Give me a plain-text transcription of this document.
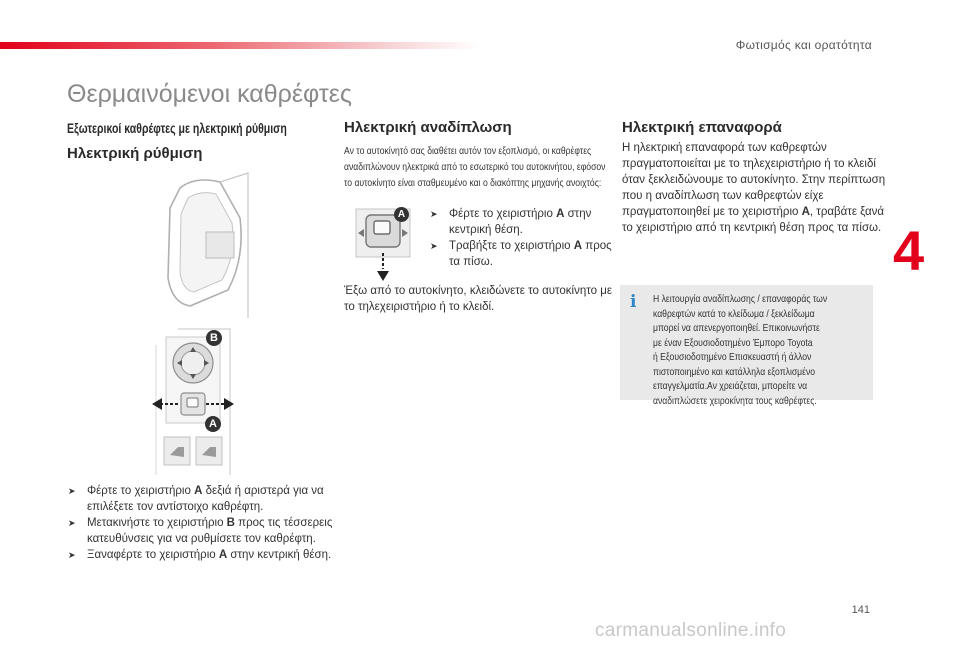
Φωτισμός και ορατότητα
Θερμαινόμενοι καθρέφτες
4
Εξωτερικοί καθρέφτες με ηλεκτρική ρύθμιση
Ηλεκτρική ρύθμιση
B
A
➤ Φέρτε το χειριστήριο A δεξιά ή αριστερά για να επιλέξετε τον αντίστοιχο καθρέφτη.
➤ Μετακινήστε το χειριστήριο B προς τις τέσσερεις κατευθύνσεις για να ρυθμίσετε τον καθρέφτη.
➤ Ξαναφέρτε το χειριστήριο A στην κεντρική θέση.
Ηλεκτρική αναδίπλωση
Αν το αυτοκίνητό σας διαθέτει αυτόν τον εξοπλισμό, οι καθρέφτες
αναδιπλώνουν ηλεκτρικά από το εσωτερικό του αυτοκινήτου, εφόσον
το αυτοκίνητο είναι σταθμευμένο και ο διακόπτης μηχανής ανοιχτός:
A	➤ Φέρτε το χειριστήριο A στην κεντρική θέση.
➤ Τραβήξτε το χειριστήριο A προς τα πίσω.
Έξω από το αυτοκίνητο, κλειδώνετε το αυτοκίνητο με το τηλεχειριστήριο ή το κλειδί.
Ηλεκτρική επαναφορά
Η ηλεκτρική επαναφορά των καθρεφτών πραγματοποιείται με το τηλεχειριστήριο ή το κλειδί όταν ξεκλειδώνουμε το αυτοκίνητο. Στην περίπτωση που η αναδίπλωση των καθρεφτών είχε πραγματοποιηθεί με το χειριστήριο A, τραβάτε ξανά το χειριστήριο από τη κεντρική θέση προς τα πίσω.
i Η λειτουργία αναδίπλωσης / επαναφοράς των
καθρεφτών κατά το κλείδωμα / ξεκλείδωμα
μπορεί να απενεργοποιηθεί. Επικοινωνήστε
με έναν Εξουσιοδοτημένο Έμπορο Toyota
ή Εξουσιοδοτημένο Επισκευαστή ή άλλον
πιστοποιημένο και κατάλληλα εξοπλισμένο
επαγγελματία.Αν χρειάζεται, μπορείτε να
αναδιπλώσετε χειροκίνητα τους καθρέφτες.
141
carmanualsonline.info
